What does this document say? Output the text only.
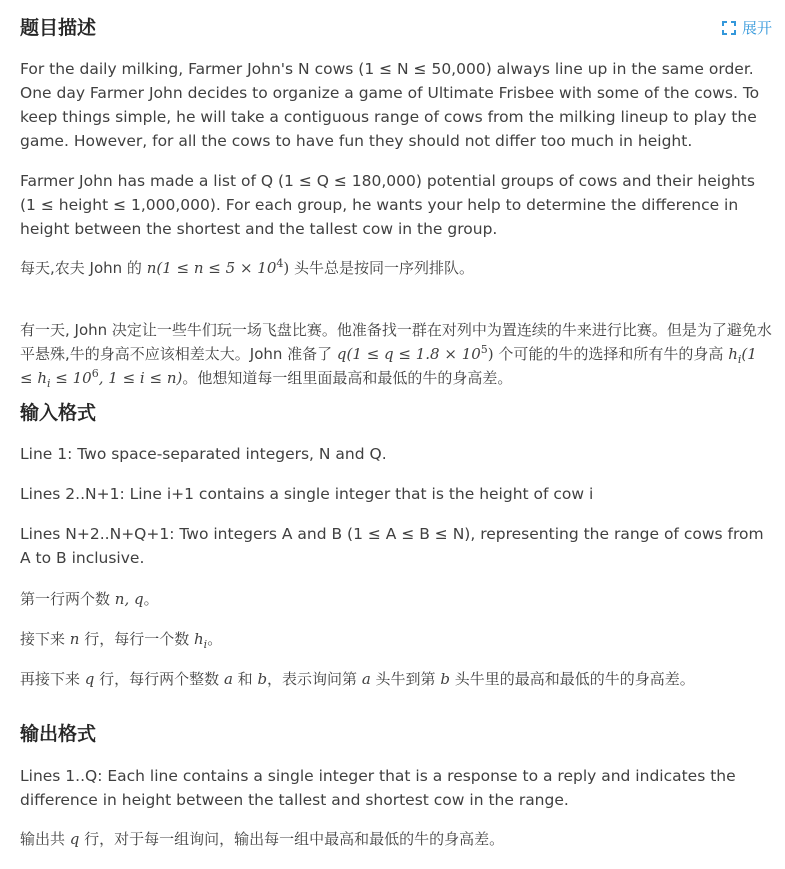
题目描述	展开

For the daily milking, Farmer John's N cows (1 ≤ N ≤ 50,000) always line up in the same order. One day Farmer John decides to organize a game of Ultimate Frisbee with some of the cows. To keep things simple, he will take a contiguous range of cows from the milking lineup to play the game. However, for all the cows to have fun they should not differ too much in height.

Farmer John has made a list of Q (1 ≤ Q ≤ 180,000) potential groups of cows and their heights (1 ≤ height ≤ 1,000,000). For each group, he wants your help to determine the difference in height between the shortest and the tallest cow in the group.

每天,农夫 John 的 $n(1 \le n \le 5 \times 10^4)$ 头牛总是按同一序列排队。

有一天, John 决定让一些牛们玩一场飞盘比赛。他准备找一群在对列中为置连续的牛来进行比赛。但是为了避免水平悬殊,牛的身高不应该相差太大。John 准备了 $q(1 \le q \le 1.8 \times 10^5)$ 个可能的牛的选择和所有牛的身高 $h_i(1 \le h_i \le 10^6$, 1 ≤ i ≤ n)。他想知道每一组里面最高和最低的牛的身高差。

输入格式

Line 1: Two space-separated integers, N and Q.

Lines 2..N+1: Line i+1 contains a single integer that is the height of cow i

Lines N+2..N+Q+1: Two integers A and B (1 ≤ A ≤ B ≤ N), representing the range of cows from A to B inclusive.

第一行两个数 n, q。

接下来 n 行，每行一个数 $h_i$。

再接下来 q 行，每行两个整数 a 和 b，表示询问第 a 头牛到第 b 头牛里的最高和最低的牛的身高差。

输出格式

Lines 1..Q: Each line contains a single integer that is a response to a reply and indicates the difference in height between the tallest and shortest cow in the range.

输出共 q 行，对于每一组询问，输出每一组中最高和最低的牛的身高差。
